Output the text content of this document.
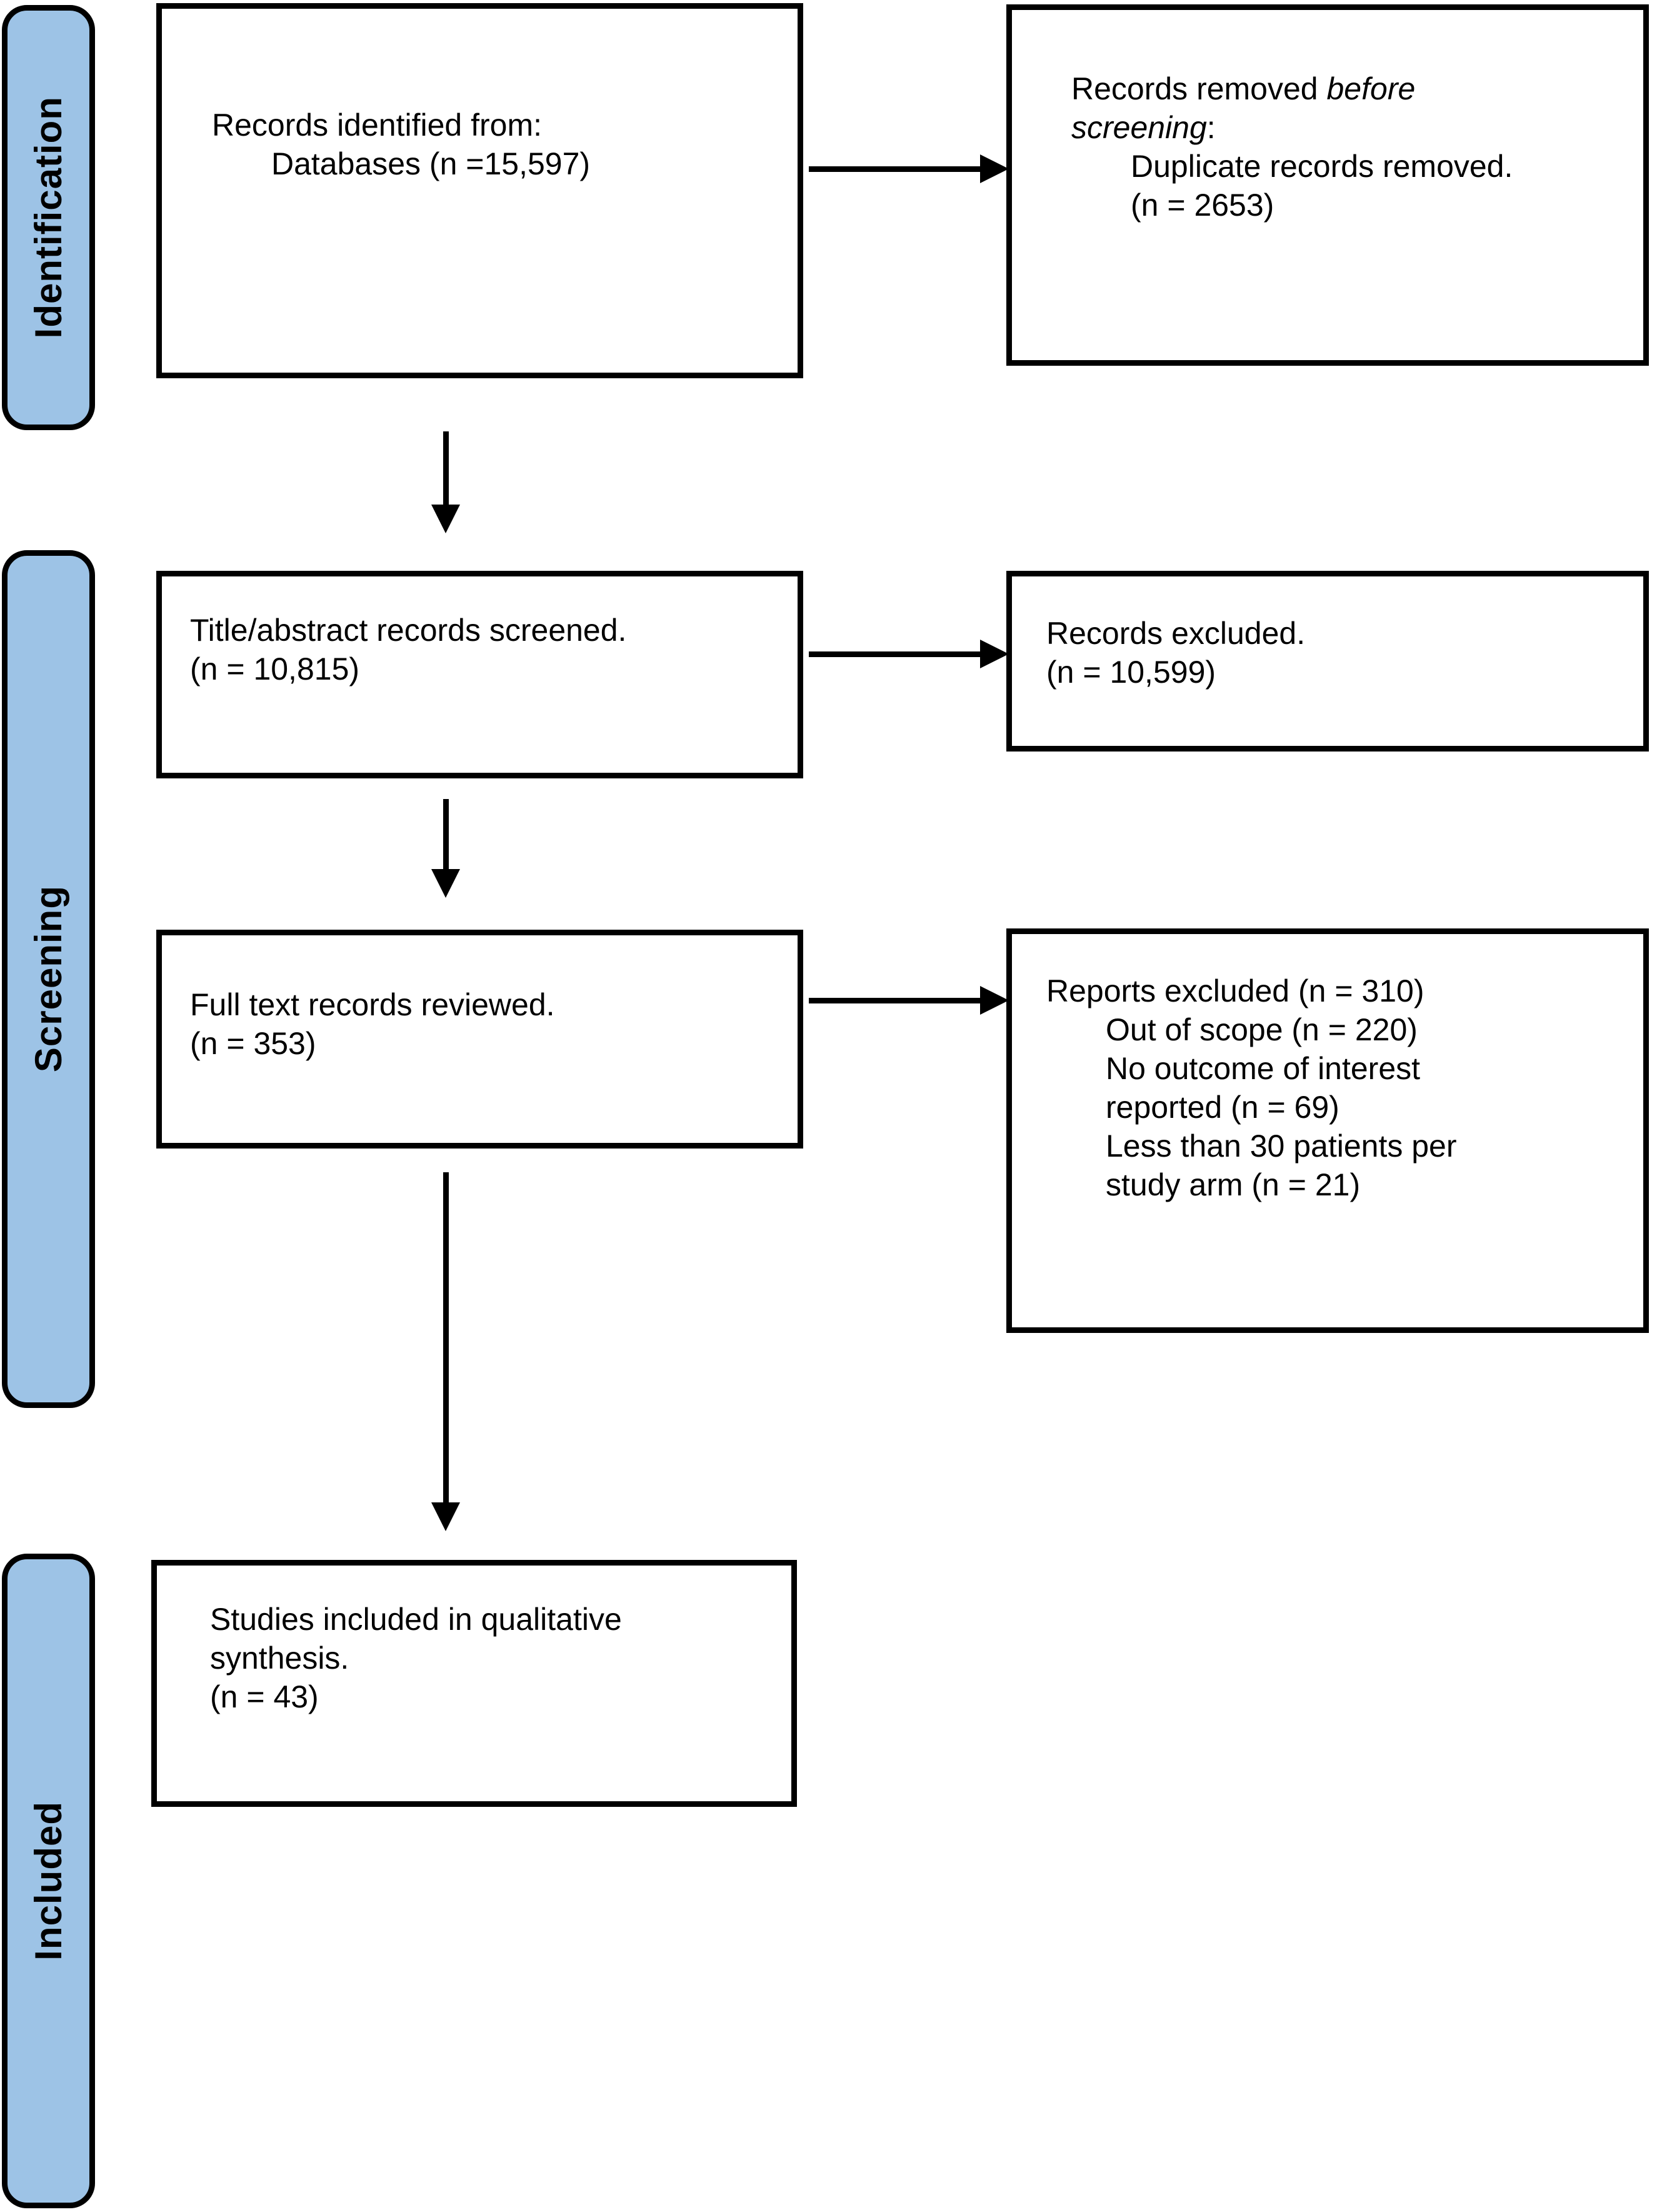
Identification
Screening
Included
Records identified from:
Databases (n =15,597)
Records removed before
screening:
Duplicate records removed.
(n = 2653)
Title/abstract records screened.
(n = 10,815)
Records excluded.
(n = 10,599)
Full text records reviewed.
(n = 353)
Reports excluded (n = 310)
Out of scope (n = 220)
No outcome of interest
reported (n = 69)
Less than 30 patients per
study arm (n = 21)
Studies included in qualitative
synthesis.
(n = 43)
